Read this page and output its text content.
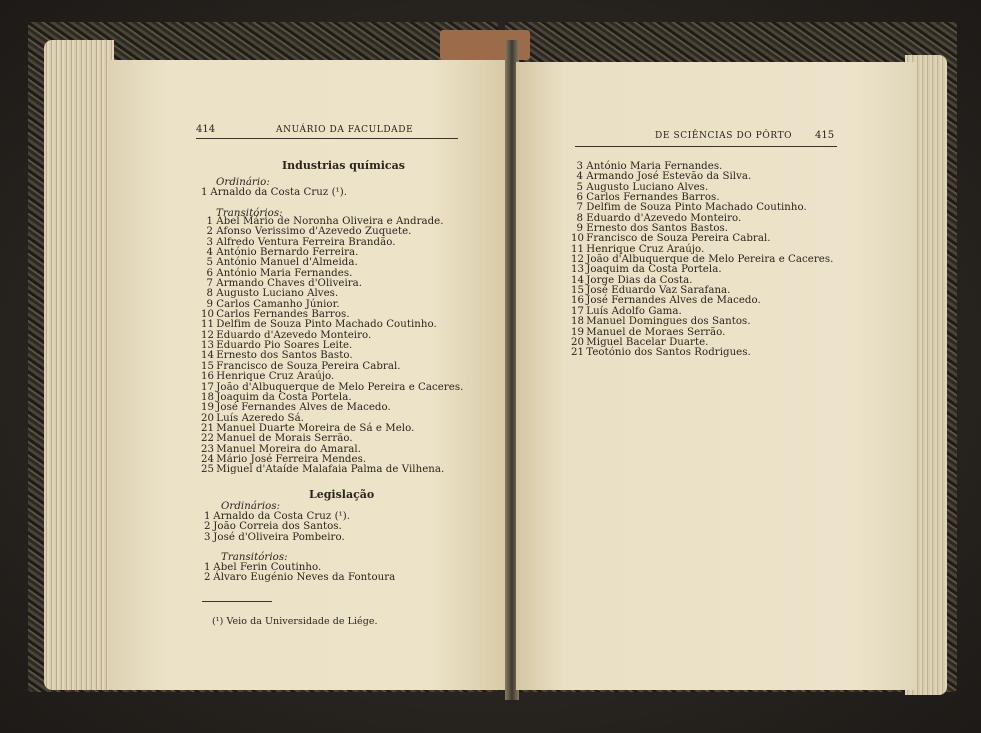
414	ANUÁRIO DA FACULDADE
Industrias químicas
Ordinário:
1 Arnaldo da Costa Cruz (¹).
Transitórios:
1 Abel Mário de Noronha Oliveira e Andrade.
2 Afonso Verissimo d'Azevedo Zuquete.
3 Alfredo Ventura Ferreira Brandão.
4 António Bernardo Ferreira.
5 António Manuel d'Almeida.
6 António Maria Fernandes.
7 Armando Chaves d'Oliveira.
8 Augusto Luciano Alves.
9 Carlos Camanho Júnior.
10 Carlos Fernandes Barros.
11 Delfim de Souza Pinto Machado Coutinho.
12 Eduardo d'Azevedo Monteiro.
13 Eduardo Pio Soares Leite.
14 Ernesto dos Santos Basto.
15 Francisco de Souza Pereira Cabral.
16 Henrique Cruz Araújo.
17 João d'Albuquerque de Melo Pereira e Caceres.
18 Joaquim da Costa Portela.
19 José Fernandes Alves de Macedo.
20 Luís Azeredo Sá.
21 Manuel Duarte Moreira de Sá e Melo.
22 Manuel de Morais Serrão.
23 Manuel Moreira do Amaral.
24 Mário José Ferreira Mendes.
25 Miguel d'Ataíde Malafaia Palma de Vilhena.
Legislação
Ordinários:
1 Arnaldo da Costa Cruz (¹).
2 João Correia dos Santos.
3 José d'Oliveira Pombeiro.
Transitórios:
1 Abel Ferin Coutinho.
2 Álvaro Eugénio Neves da Fontoura
(¹) Veio da Universidade de Liége.
DE SCIÊNCIAS DO PÔRTO 415
3 António Maria Fernandes.
4 Armando José Estevão da Silva.
5 Augusto Luciano Alves.
6 Carlos Fernandes Barros.
7 Delfim de Souza Pinto Machado Coutinho.
8 Eduardo d'Azevedo Monteiro.
9 Ernesto dos Santos Bastos.
10 Francisco de Souza Pereira Cabral.
11 Henrique Cruz Araújo.
12 João d'Albuquerque de Melo Pereira e Caceres.
13 Joaquim da Costa Portela.
14 Jorge Dias da Costa.
15 José Eduardo Vaz Sarafana.
16 José Fernandes Alves de Macedo.
17 Luís Adolfo Gama.
18 Manuel Domingues dos Santos.
19 Manuel de Moraes Serrão.
20 Miguel Bacelar Duarte.
21 Teotónio dos Santos Rodrigues.
